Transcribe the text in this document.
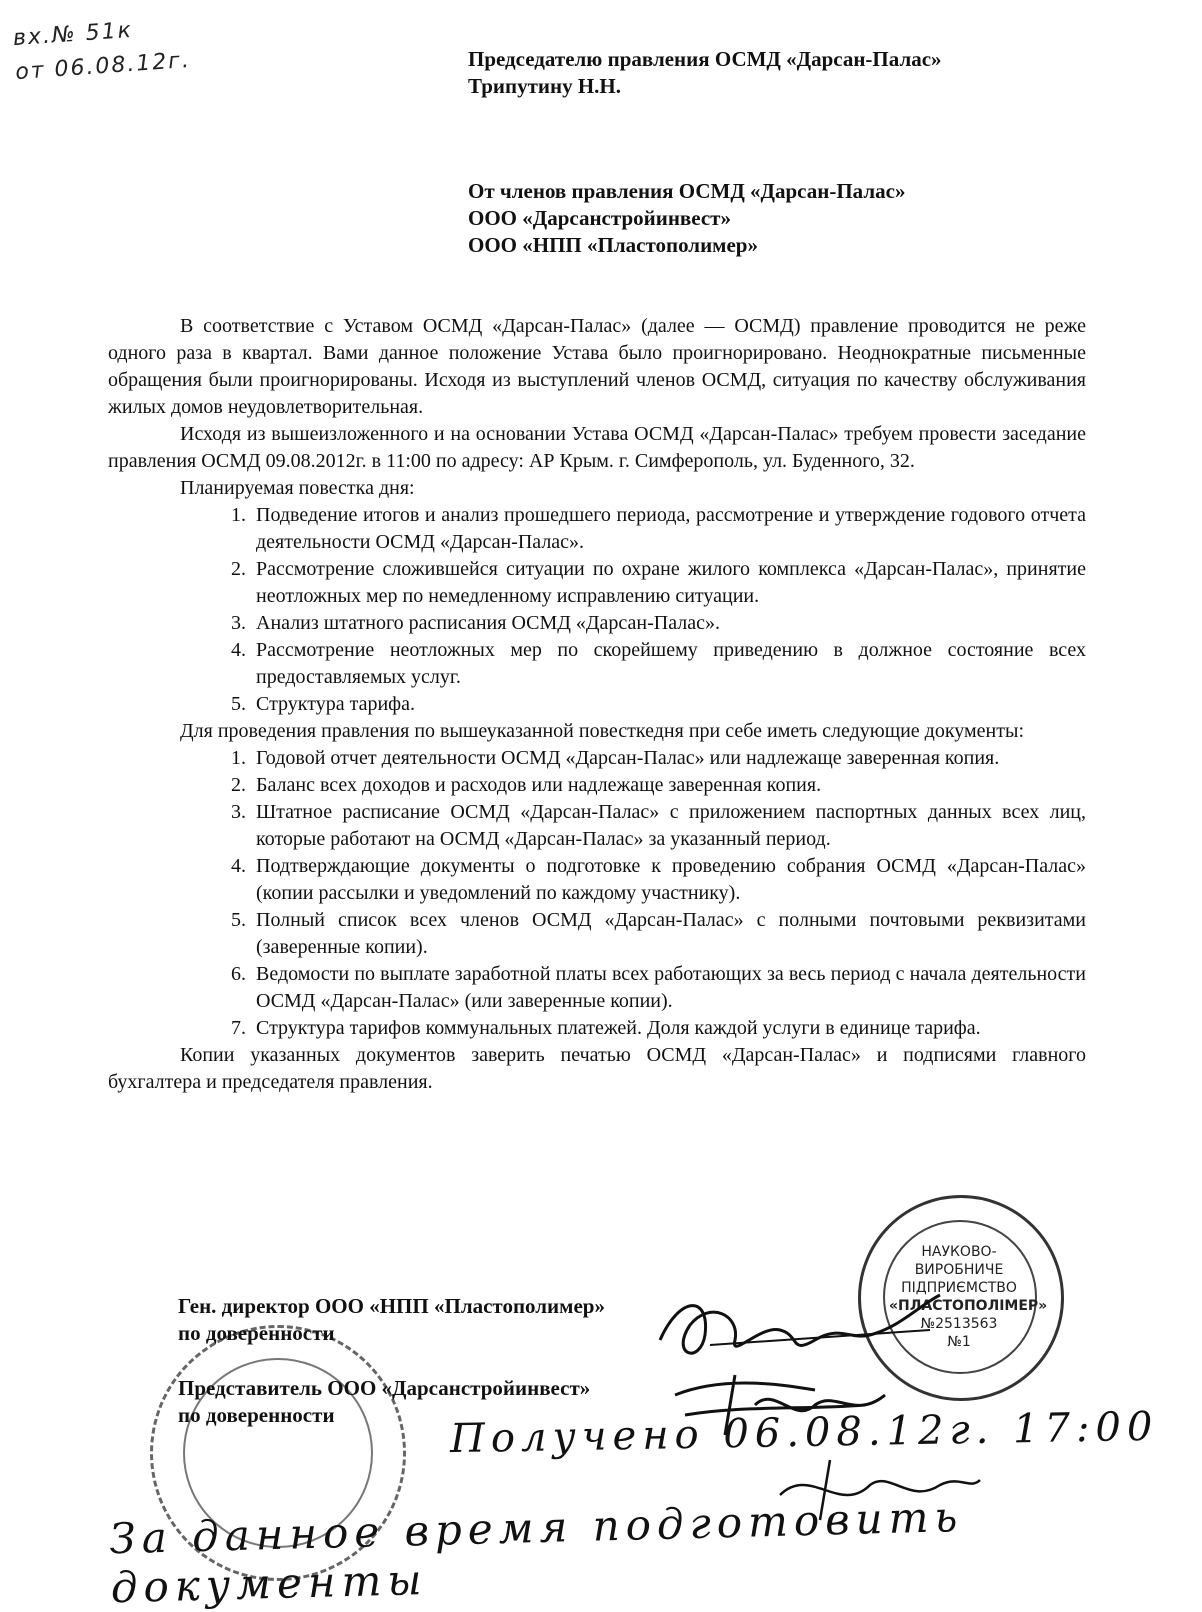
вх.№ 51к
от 06.08.12г.	Председателю правления ОСМД «Дарсан-Палас»
Трипутину Н.Н.
От членов правления ОСМД «Дарсан-Палас»
ООО «Дарсанстройинвест»
ООО «НПП «Пластополимер»

В соответствие с Уставом ОСМД «Дарсан-Палас» (далее — ОСМД) правление проводится не реже одного раза в квартал. Вами данное положение Устава было проигнорировано. Неоднократные письменные обращения были проигнорированы. Исходя из выступлений членов ОСМД, ситуация по качеству обслуживания жилых домов неудовлетворительная.

Исходя из вышеизложенного и на основании Устава ОСМД «Дарсан-Палас» требуем провести заседание правления ОСМД 09.08.2012г. в 11:00 по адресу: АР Крым. г. Симферополь, ул. Буденного, 32.

Планируемая повестка дня:

1. Подведение итогов и анализ прошедшего периода, рассмотрение и утверждение годового отчета деятельности ОСМД «Дарсан-Палас».
2. Рассмотрение сложившейся ситуации по охране жилого комплекса «Дарсан-Палас», принятие неотложных мер по немедленному исправлению ситуации.
3. Анализ штатного расписания ОСМД «Дарсан-Палас».
4. Рассмотрение неотложных мер по скорейшему приведению в должное состояние всех предоставляемых услуг.
5. Структура тарифа.

Для проведения правления по вышеуказанной повесткедня при себе иметь следующие документы:

1. Годовой отчет деятельности ОСМД «Дарсан-Палас» или надлежаще заверенная копия.
2. Баланс всех доходов и расходов или надлежаще заверенная копия.
3. Штатное расписание ОСМД «Дарсан-Палас» с приложением паспортных данных всех лиц, которые работают на ОСМД «Дарсан-Палас» за указанный период.
4. Подтверждающие документы о подготовке к проведению собрания ОСМД «Дарсан-Палас» (копии рассылки и уведомлений по каждому участнику).
5. Полный список всех членов ОСМД «Дарсан-Палас» с полными почтовыми реквизитами (заверенные копии).
6. Ведомости по выплате заработной платы всех работающих за весь период с начала деятельности ОСМД «Дарсан-Палас» (или заверенные копии).
7. Структура тарифов коммунальных платежей. Доля каждой услуги в единице тарифа.

Копии указанных документов заверить печатью ОСМД «Дарсан-Палас» и подписями главного бухгалтера и председателя правления.

Ген. директор ООО «НПП «Пластополимер»
по доверенности
Представитель ООО «Дарсанстройинвест»
по доверенности
НАУКОВО-
ВИРОБНИЧЕ
ПІДПРИЄМСТВО
«ПЛАСТОПОЛІМЕР»
№2513563
№1
Получено 06.08.12г. 17:00
За данное время подготовить документы
